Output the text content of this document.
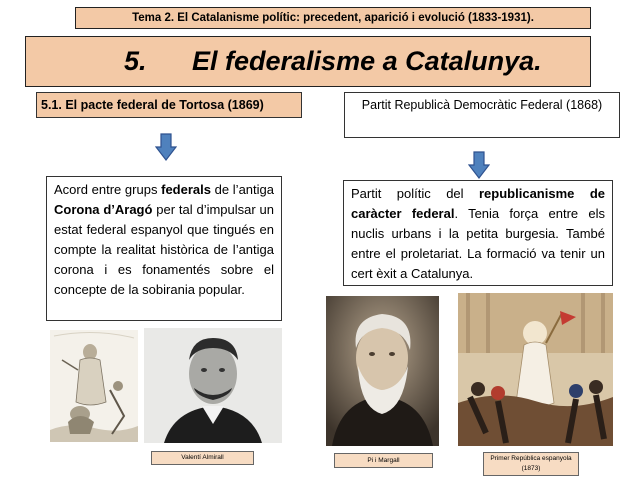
Tema 2. El Catalanisme polític: precedent, aparició i evolució (1833-1931).
5. El federalisme a Catalunya.
5.1. El pacte federal de Tortosa (1869)	Partit Republicà Democràtic Federal (1868)
Acord entre grups federals de l’antiga Corona d’Aragó per tal d’impulsar un estat federal espanyol que tingués en compte la realitat històrica de l’antiga corona i es fonamentés sobre el concepte de la sobirania popular.
Partit polític del republicanisme de caràcter federal. Tenia força entre els nuclis urbans i la petita burgesia. També entre el proletariat. La formació va tenir un cert èxit a Catalunya.
Valentí Almirall	Pi i Margall	Primer República espanyola (1873)
